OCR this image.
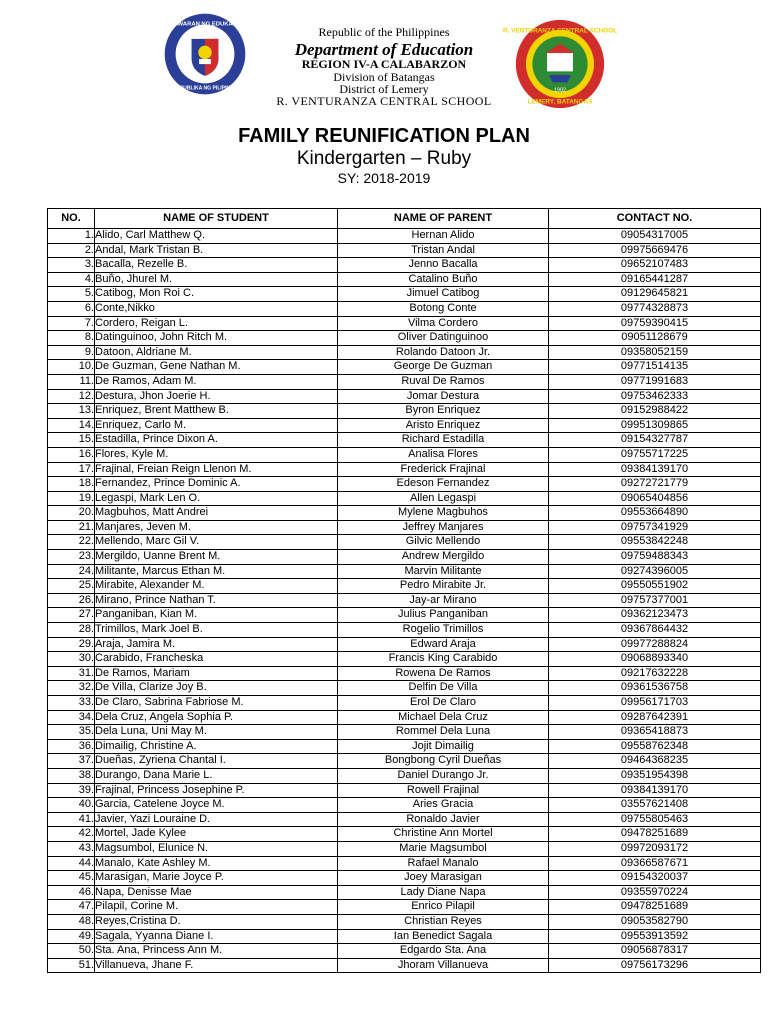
KAGAWARAN NG EDUKASYON
REPUBLIKA NG PILIPINAS
R. VENTURANZA CENTRAL SCHOOL
LEMERY, BATANGAS
1902
Republic of the Philippines
Department of Education
REGION IV-A CALABARZON
Division of Batangas
District of Lemery
R. VENTURANZA CENTRAL SCHOOL
FAMILY REUNIFICATION PLAN
Kindergarten – Ruby
SY: 2018-2019
NO.	NAME OF STUDENT	NAME OF PARENT	CONTACT NO.
1.	Alido, Carl Matthew Q.	Hernan Alido	09054317005
2.	Andal, Mark Tristan B.	Tristan Andal	09975669476
3.	Bacalla, Rezelle B.	Jenno Bacalla	09652107483
4.	Buñ̃o, Jhurel M.	Catalino Buñ̃o	09165441287
5.	Catibog, Mon Roi C.	Jimuel Catibog	09129645821
6.	Conte,Nikko	Botong Conte	09774328873
7.	Cordero, Reigan L.	Vilma Cordero	09759390415
8.	Datinguinoo, John Ritch M.	Oliver Datinguinoo	09051128679
9.	Datoon, Aldriane M.	Rolando Datoon Jr.	09358052159
10.	De Guzman, Gene Nathan M.	George De Guzman	09771514135
11.	De Ramos, Adam M.	Ruval De Ramos	09771991683
12.	Destura, Jhon Joerie H.	Jomar Destura	09753462333
13.	Enriquez, Brent Matthew B.	Byron Enriquez	09152988422
14.	Enriquez, Carlo M.	Aristo Enriquez	09951309865
15.	Estadilla, Prince Dixon A.	Richard Estadilla	09154327787
16.	Flores, Kyle M.	Analisa Flores	09755717225
17.	Frajinal, Freian Reign Llenon M.	Frederick Frajinal	09384139170
18.	Fernandez, Prince Dominic A.	Edeson Fernandez	09272721779
19.	Legaspi, Mark Len O.	Allen Legaspi	09065404856
20.	Magbuhos, Matt Andrei	Mylene Magbuhos	09553664890
21.	Manjares, Jeven M.	Jeffrey Manjares	09757341929
22.	Mellendo, Marc Gil V.	Gilvic Mellendo	09553842248
23.	Mergildo, Uanne Brent M.	Andrew Mergildo	09759488343
24.	Militante, Marcus Ethan M.	Marvin Militante	09274396005
25.	Mirabite, Alexander M.	Pedro Mirabite Jr.	09550551902
26.	Mirano, Prince Nathan T.	Jay-ar Mirano	09757377001
27.	Panganiban, Kian M.	Julius Panganiban	09362123473
28.	Trimillos, Mark Joel B.	Rogelio Trimillos	09367864432
29.	Araja, Jamira M.	Edward Araja	09977288824
30.	Carabido, Francheska	Francis King Carabido	09068893340
31.	De Ramos, Mariam	Rowena De Ramos	09217632228
32.	De Villa, Clarize Joy B.	Delfin De Villa	09361536758
33.	De Claro, Sabrina Fabriose M.	Erol De Claro	09956171703
34.	Dela Cruz, Angela Sophia P.	Michael Dela Cruz	09287642391
35.	Dela Luna, Uni May M.	Rommel Dela Luna	09365418873
36.	Dimailig, Christine A.	Jojit Dimailig	09558762348
37.	Dueñ̃as, Zyriena Chantal I.	Bongbong Cyril Dueñ̃as	09464368235
38.	Durango, Dana Marie L.	Daniel Durango Jr.	09351954398
39.	Frajinal, Princess Josephine P.	Rowell Frajinal	09384139170
40.	Garcia, Catelene Joyce M.	Aries Gracia	03557621408
41.	Javier, Yazi Louraine D.	Ronaldo Javier	09755805463
42.	Mortel, Jade Kylee	Christine Ann Mortel	09478251689
43.	Magsumbol, Elunice N.	Marie Magsumbol	09972093172
44.	Manalo, Kate Ashley M.	Rafael Manalo	09366587671
45.	Marasigan, Marie Joyce P.	Joey Marasigan	09154320037
46.	Napa, Denisse Mae	Lady Diane Napa	09355970224
47.	Pilapil, Corine M.	Enrico Pilapil	09478251689
48.	Reyes,Cristina D.	Christian Reyes	09053582790
49.	Sagala, Yyanna Diane I.	Ian Benedict Sagala	09553913592
50.	Sta. Ana, Princess Ann M.	Edgardo Sta. Ana	09056878317
51.	Villanueva, Jhane F.	Jhoram Villanueva	09756173296
